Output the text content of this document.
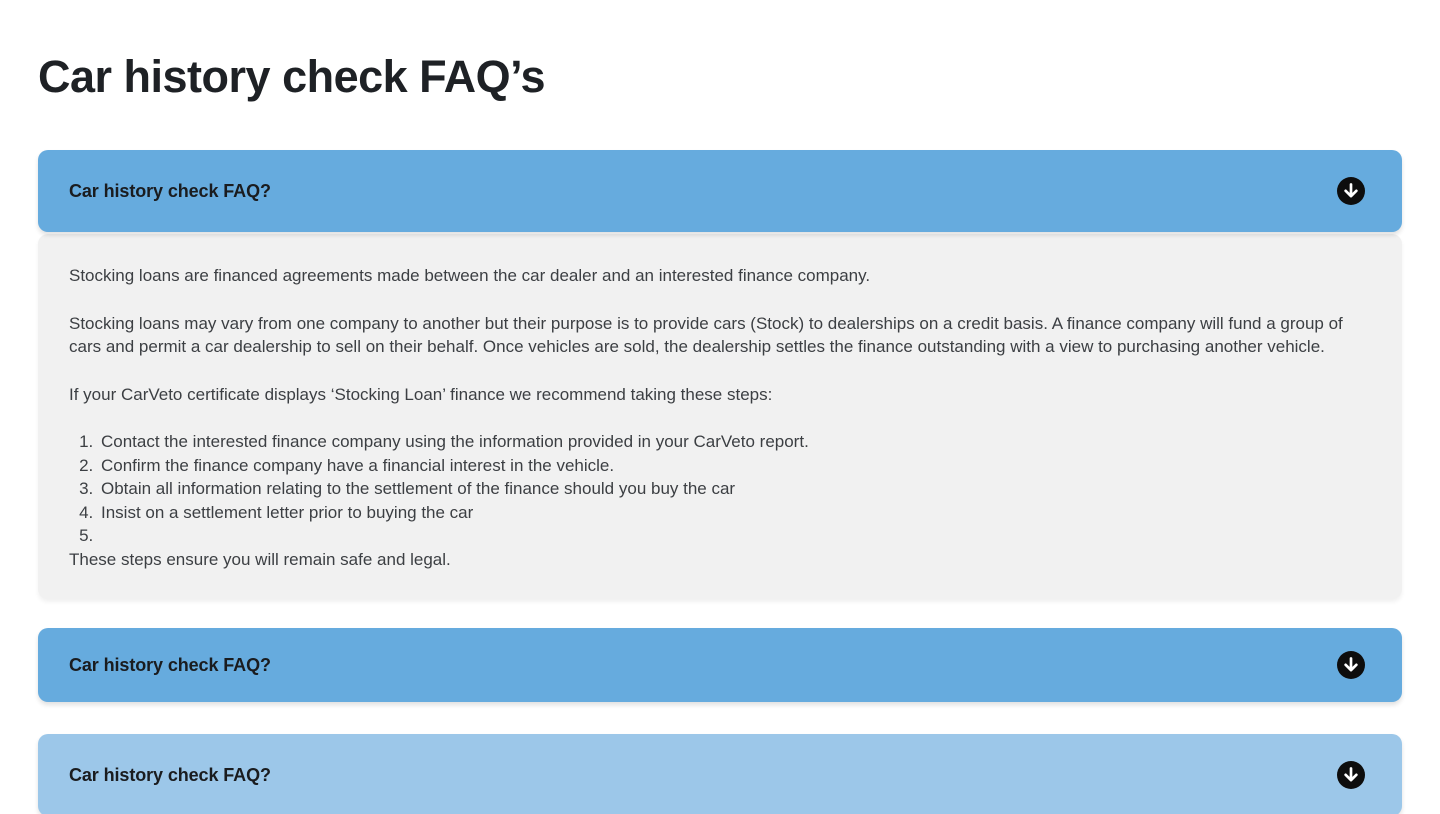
Car history check FAQ’s
Car history check FAQ?

Stocking loans are financed agreements made between the car dealer and an interested finance company.

Stocking loans may vary from one company to another but their purpose is to provide cars (Stock) to dealerships on a credit basis. A finance company will fund a group of cars and permit a car dealership to sell on their behalf. Once vehicles are sold, the dealership settles the finance outstanding with a view to purchasing another vehicle.

If your CarVeto certificate displays ‘Stocking Loan’ finance we recommend taking these steps:

1. Contact the interested finance company using the information provided in your CarVeto report.
2. Confirm the finance company have a financial interest in the vehicle.
3. Obtain all information relating to the settlement of the finance should you buy the car
4. Insist on a settlement letter prior to buying the car
5.

These steps ensure you will remain safe and legal.

Car history check FAQ?
Car history check FAQ?
